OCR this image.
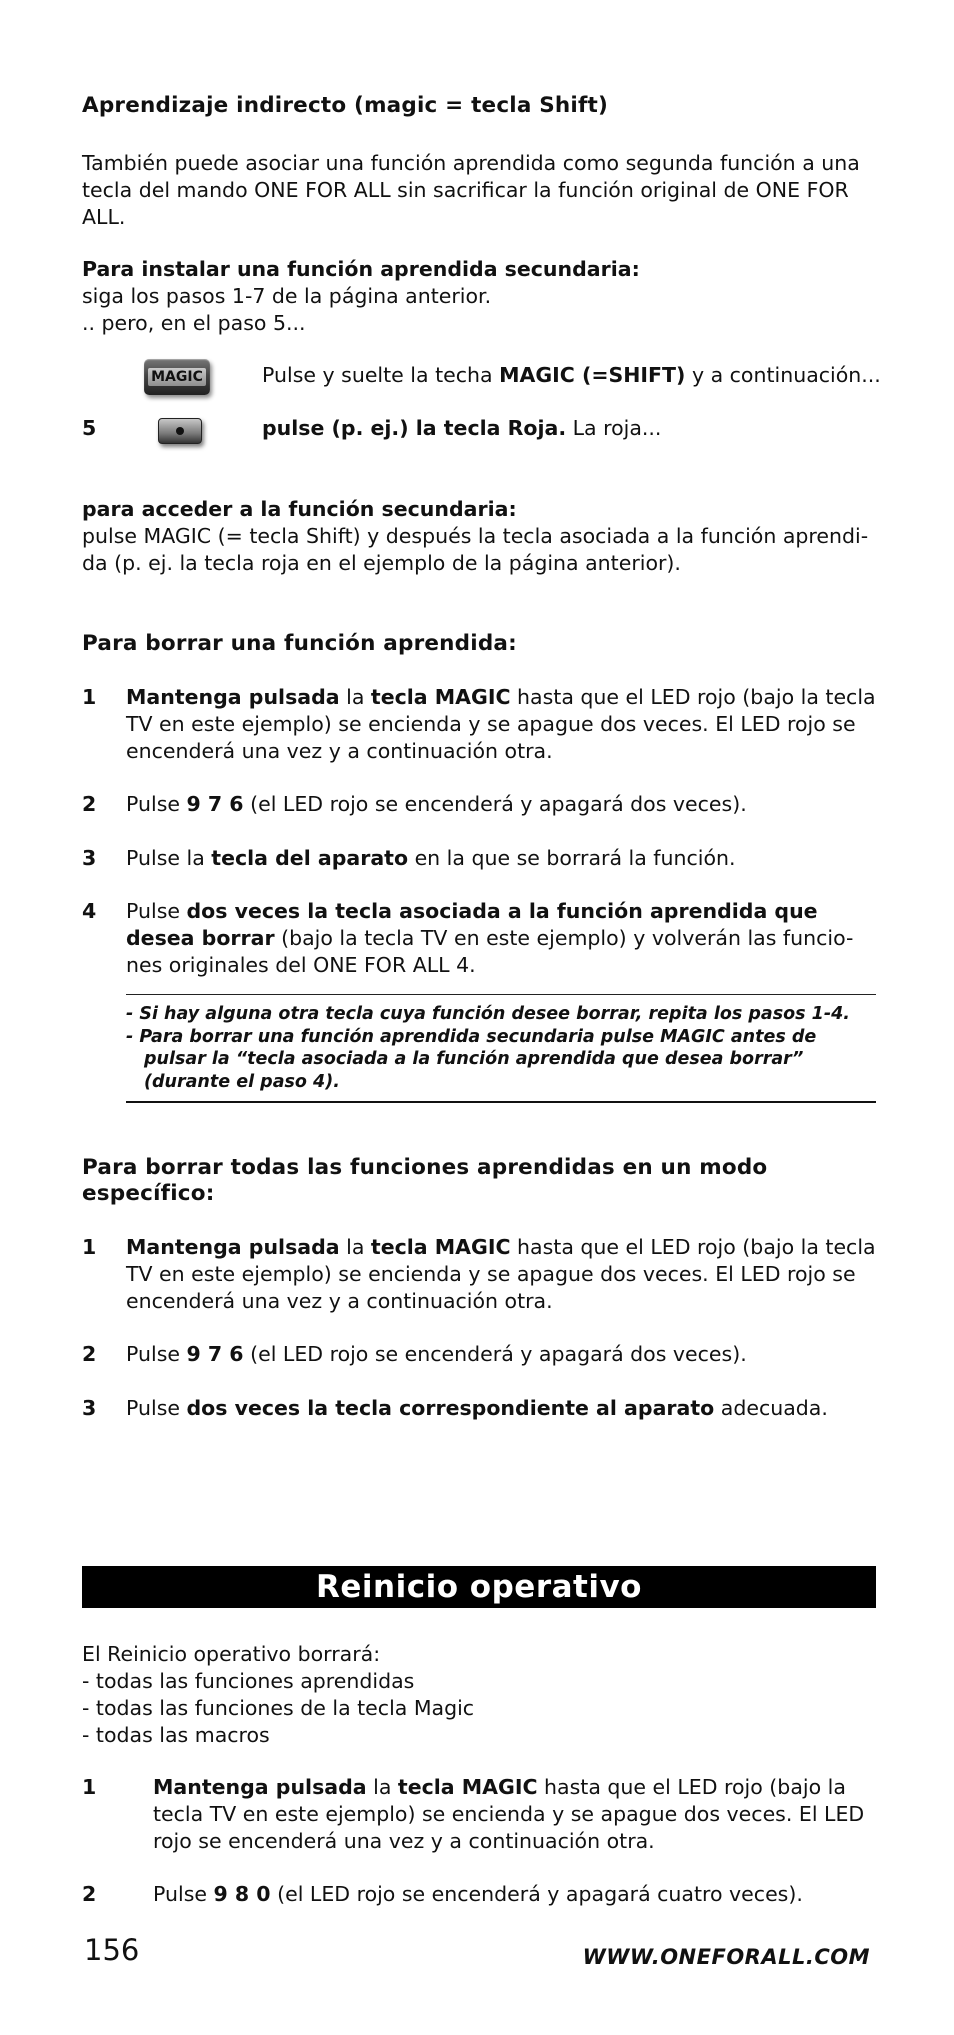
Aprendizaje indirecto (magic = tecla Shift)

También puede asociar una función aprendida como segunda función a una tecla del mando ONE FOR ALL sin sacrificar la función original de ONE FOR ALL.

Para instalar una función aprendida secundaria:
siga los pasos 1-7 de la página anterior.
.. pero, en el paso 5...
MAGIC	Pulse y suelte la techa MAGIC (=SHIFT) y a continuación...
5	pulse (p. ej.) la tecla Roja. La roja...
para acceder a la función secundaria:

pulse MAGIC (= tecla Shift) y después la tecla asociada a la función aprendi-da (p. ej. la tecla roja en el ejemplo de la página anterior).

Para borrar una función aprendida:
1 Mantenga pulsada la tecla MAGIC hasta que el LED rojo (bajo la tecla TV en este ejemplo) se encienda y se apague dos veces. El LED rojo se encenderá una vez y a continuación otra.

2 Pulse 9 7 6 (el LED rojo se encenderá y apagará dos veces).

3 Pulse la tecla del aparato en la que se borrará la función.

4 Pulse dos veces la tecla asociada a la función aprendida que desea borrar (bajo la tecla TV en este ejemplo) y volverán las funcio-nes originales del ONE FOR ALL 4.

- Si hay alguna otra tecla cuya función desee borrar, repita los pasos 1-4.
- Para borrar una función aprendida secundaria pulse MAGIC antes de pulsar la “tecla asociada a la función aprendida que desea borrar” (durante el paso 4).
Para borrar todas las funciones aprendidas en un modo específico:
1 Mantenga pulsada la tecla MAGIC hasta que el LED rojo (bajo la tecla TV en este ejemplo) se encienda y se apague dos veces. El LED rojo se encenderá una vez y a continuación otra.

2 Pulse 9 7 6 (el LED rojo se encenderá y apagará dos veces).

3 Pulse dos veces la tecla correspondiente al aparato adecuada.

Reinicio operativo
El Reinicio operativo borrará:
- todas las funciones aprendidas
- todas las funciones de la tecla Magic
- todas las macros
1	Mantenga pulsada la tecla MAGIC hasta que el LED rojo (bajo la tecla TV en este ejemplo) se encienda y se apague dos veces. El LED rojo se encenderá una vez y a continuación otra.

2	Pulse 9 8 0 (el LED rojo se encenderá y apagará cuatro veces).

156	WWW.ONEFORALL.COM
